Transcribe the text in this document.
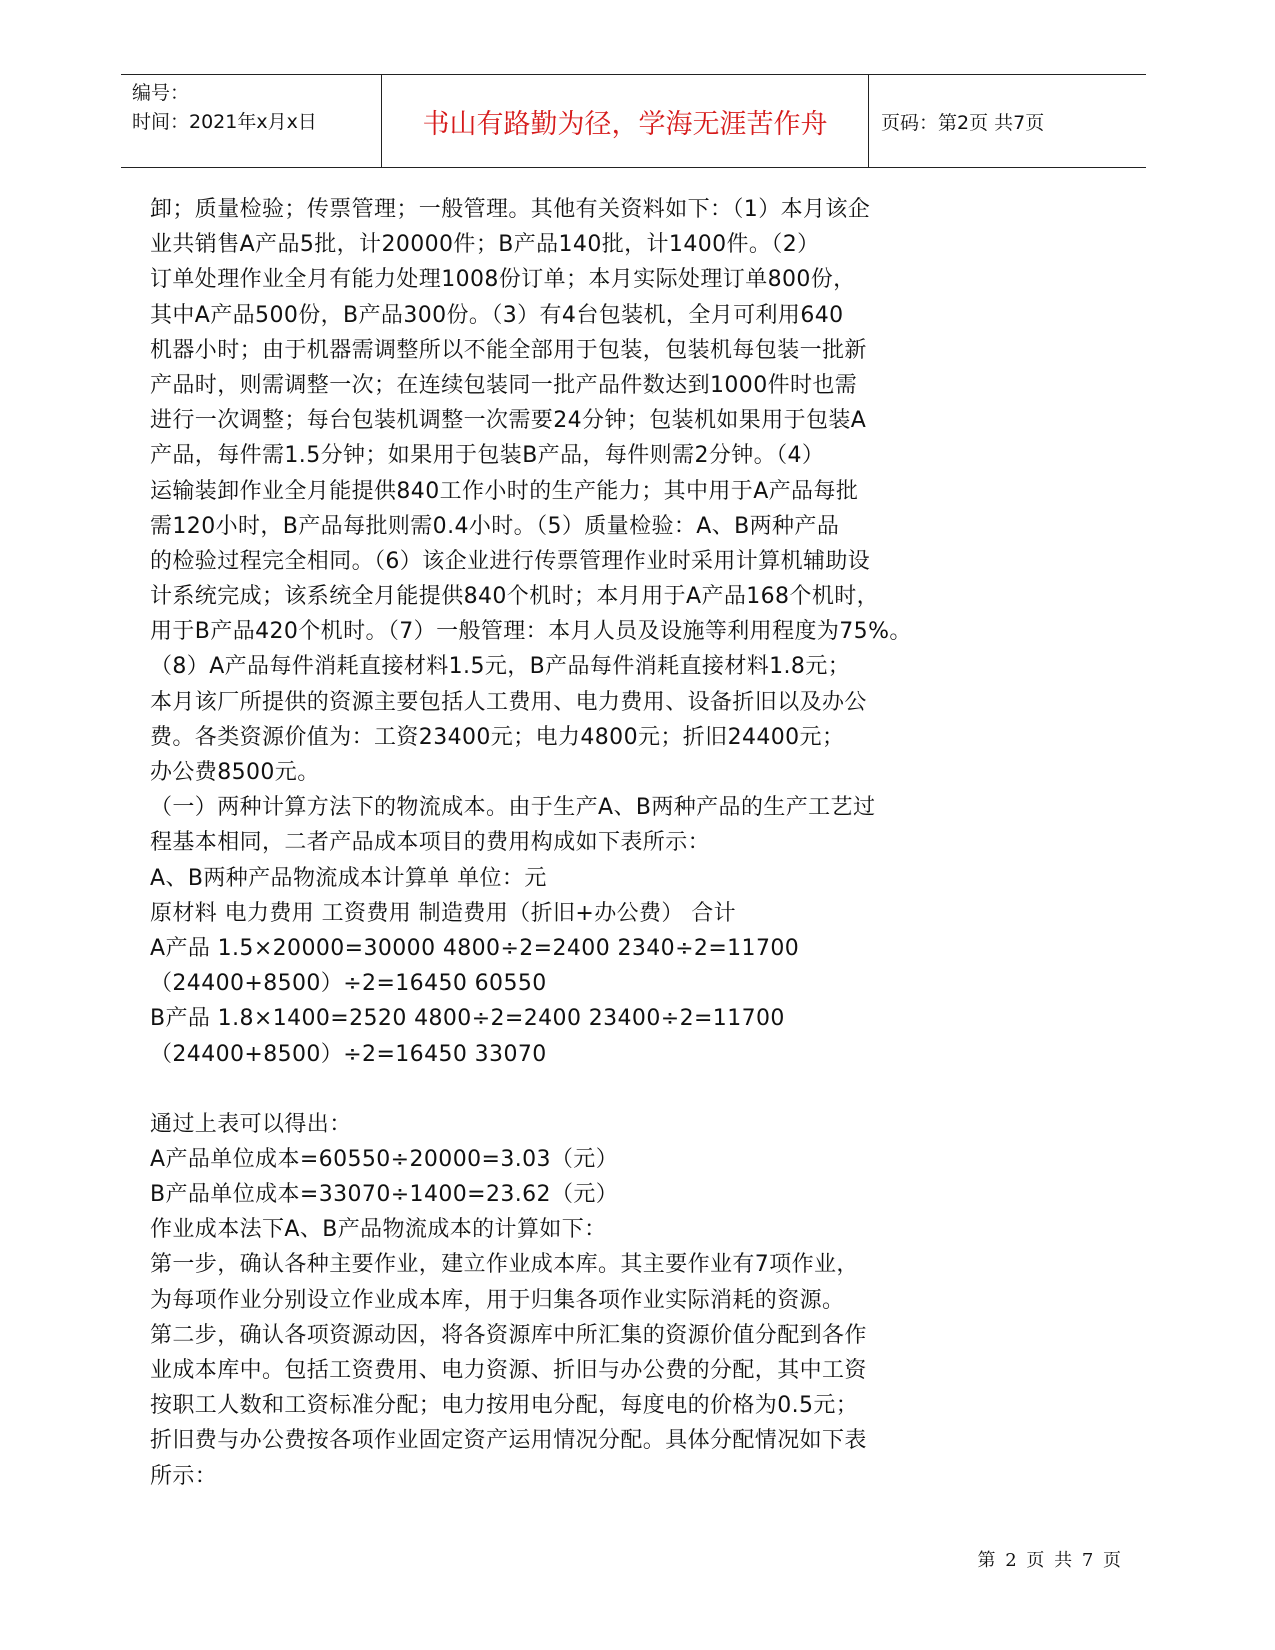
编号：
时间：2021年x月x日	书山有路勤为径，学海无涯苦作舟	页码：第2页 共7页
卸；质量检验；传票管理；一般管理。其他有关资料如下：（1）本月该企
业共销售A产品5批，计20000件；B产品140批，计1400件。（2）
订单处理作业全月有能力处理1008份订单；本月实际处理订单800份，
其中A产品500份，B产品300份。（3）有4台包装机，全月可利用640
机器小时；由于机器需调整所以不能全部用于包装，包装机每包装一批新
产品时，则需调整一次；在连续包装同一批产品件数达到1000件时也需
进行一次调整；每台包装机调整一次需要24分钟；包装机如果用于包装A
产品，每件需1.5分钟；如果用于包装B产品，每件则需2分钟。（4）
运输装卸作业全月能提供840工作小时的生产能力；其中用于A产品每批
需120小时，B产品每批则需0.4小时。（5）质量检验：A、B两种产品
的检验过程完全相同。（6）该企业进行传票管理作业时采用计算机辅助设
计系统完成；该系统全月能提供840个机时；本月用于A产品168个机时，
用于B产品420个机时。（7）一般管理：本月人员及设施等利用程度为75%。
（8）A产品每件消耗直接材料1.5元，B产品每件消耗直接材料1.8元；
本月该厂所提供的资源主要包括人工费用、电力费用、设备折旧以及办公
费。各类资源价值为：工资23400元；电力4800元；折旧24400元；
办公费8500元。
（一）两种计算方法下的物流成本。由于生产A、B两种产品的生产工艺过
程基本相同，二者产品成本项目的费用构成如下表所示：
A、B两种产品物流成本计算单 单位：元
原材料 电力费用 工资费用 制造费用（折旧+办公费） 合计
A产品 1.5×20000=30000 4800÷2=2400 2340÷2=11700
（24400+8500）÷2=16450 60550
B产品 1.8×1400=2520 4800÷2=2400 23400÷2=11700
（24400+8500）÷2=16450 33070
通过上表可以得出：
A产品单位成本=60550÷20000=3.03（元）
B产品单位成本=33070÷1400=23.62（元）
作业成本法下A、B产品物流成本的计算如下：
第一步，确认各种主要作业，建立作业成本库。其主要作业有7项作业，
为每项作业分别设立作业成本库，用于归集各项作业实际消耗的资源。
第二步，确认各项资源动因，将各资源库中所汇集的资源价值分配到各作
业成本库中。包括工资费用、电力资源、折旧与办公费的分配，其中工资
按职工人数和工资标准分配；电力按用电分配，每度电的价格为0.5元；
折旧费与办公费按各项作业固定资产运用情况分配。具体分配情况如下表
所示：
第 2 页 共 7 页
